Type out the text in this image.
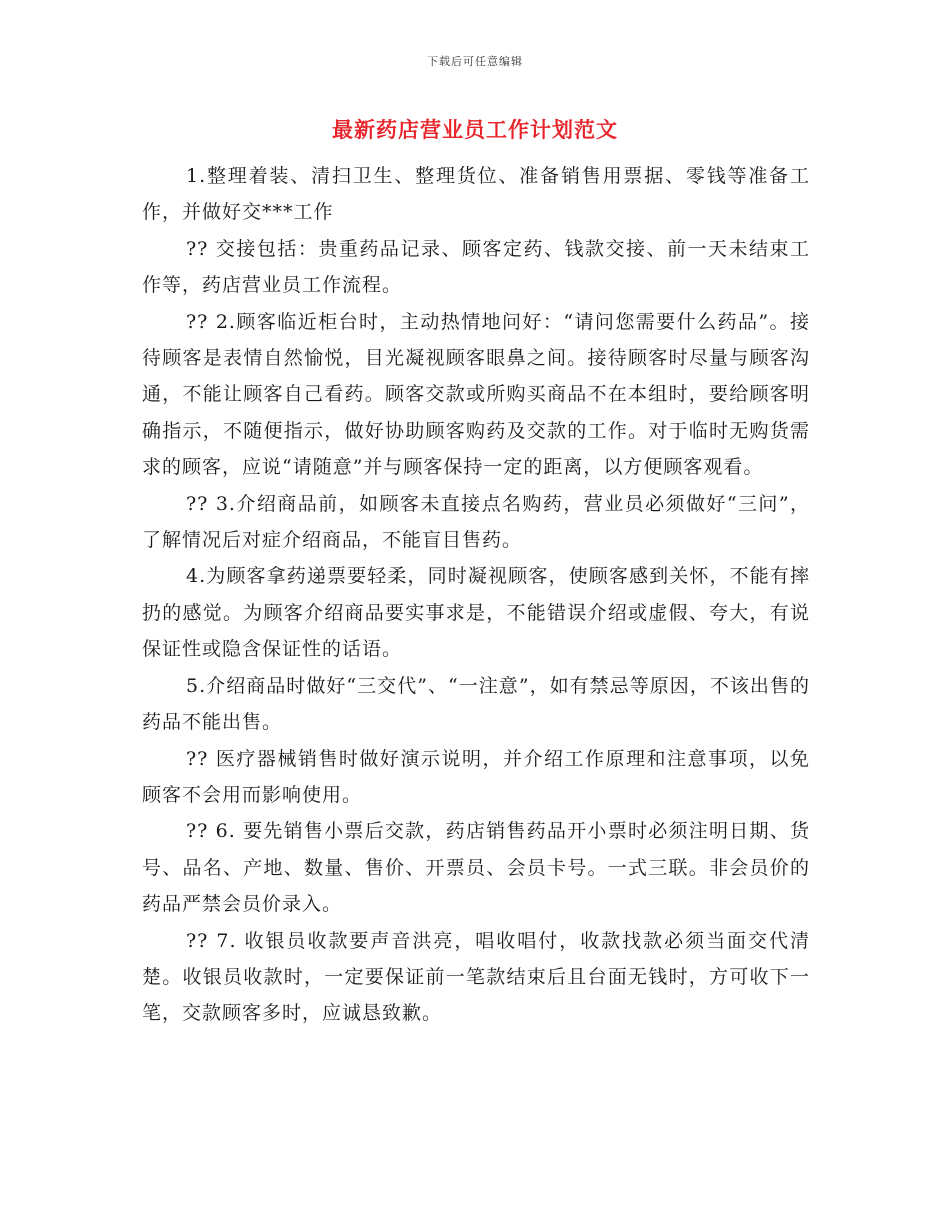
下载后可任意编辑
最新药店营业员工作计划范文

1.整理着装、清扫卫生、整理货位、准备销售用票据、零钱等准备工作，并做好交***工作

?? 交接包括：贵重药品记录、顾客定药、钱款交接、前一天未结束工作等，药店营业员工作流程。

?? 2.顾客临近柜台时，主动热情地问好：“请问您需要什么药品”。接待顾客是表情自然愉悦，目光凝视顾客眼鼻之间。接待顾客时尽量与顾客沟通，不能让顾客自己看药。顾客交款或所购买商品不在本组时，要给顾客明确指示，不随便指示，做好协助顾客购药及交款的工作。对于临时无购货需求的顾客，应说“请随意”并与顾客保持一定的距离，以方便顾客观看。

?? 3.介绍商品前，如顾客未直接点名购药，营业员必须做好“三问”，了解情况后对症介绍商品，不能盲目售药。

4.为顾客拿药递票要轻柔，同时凝视顾客，使顾客感到关怀，不能有摔扔的感觉。为顾客介绍商品要实事求是，不能错误介绍或虚假、夸大，有说保证性或隐含保证性的话语。

5.介绍商品时做好“三交代”、“一注意”，如有禁忌等原因，不该出售的药品不能出售。

?? 医疗器械销售时做好演示说明，并介绍工作原理和注意事项，以免顾客不会用而影响使用。

?? 6. 要先销售小票后交款，药店销售药品开小票时必须注明日期、货号、品名、产地、数量、售价、开票员、会员卡号。一式三联。非会员价的药品严禁会员价录入。

?? 7. 收银员收款要声音洪亮，唱收唱付，收款找款必须当面交代清楚。收银员收款时，一定要保证前一笔款结束后且台面无钱时，方可收下一笔，交款顾客多时，应诚恳致歉。
